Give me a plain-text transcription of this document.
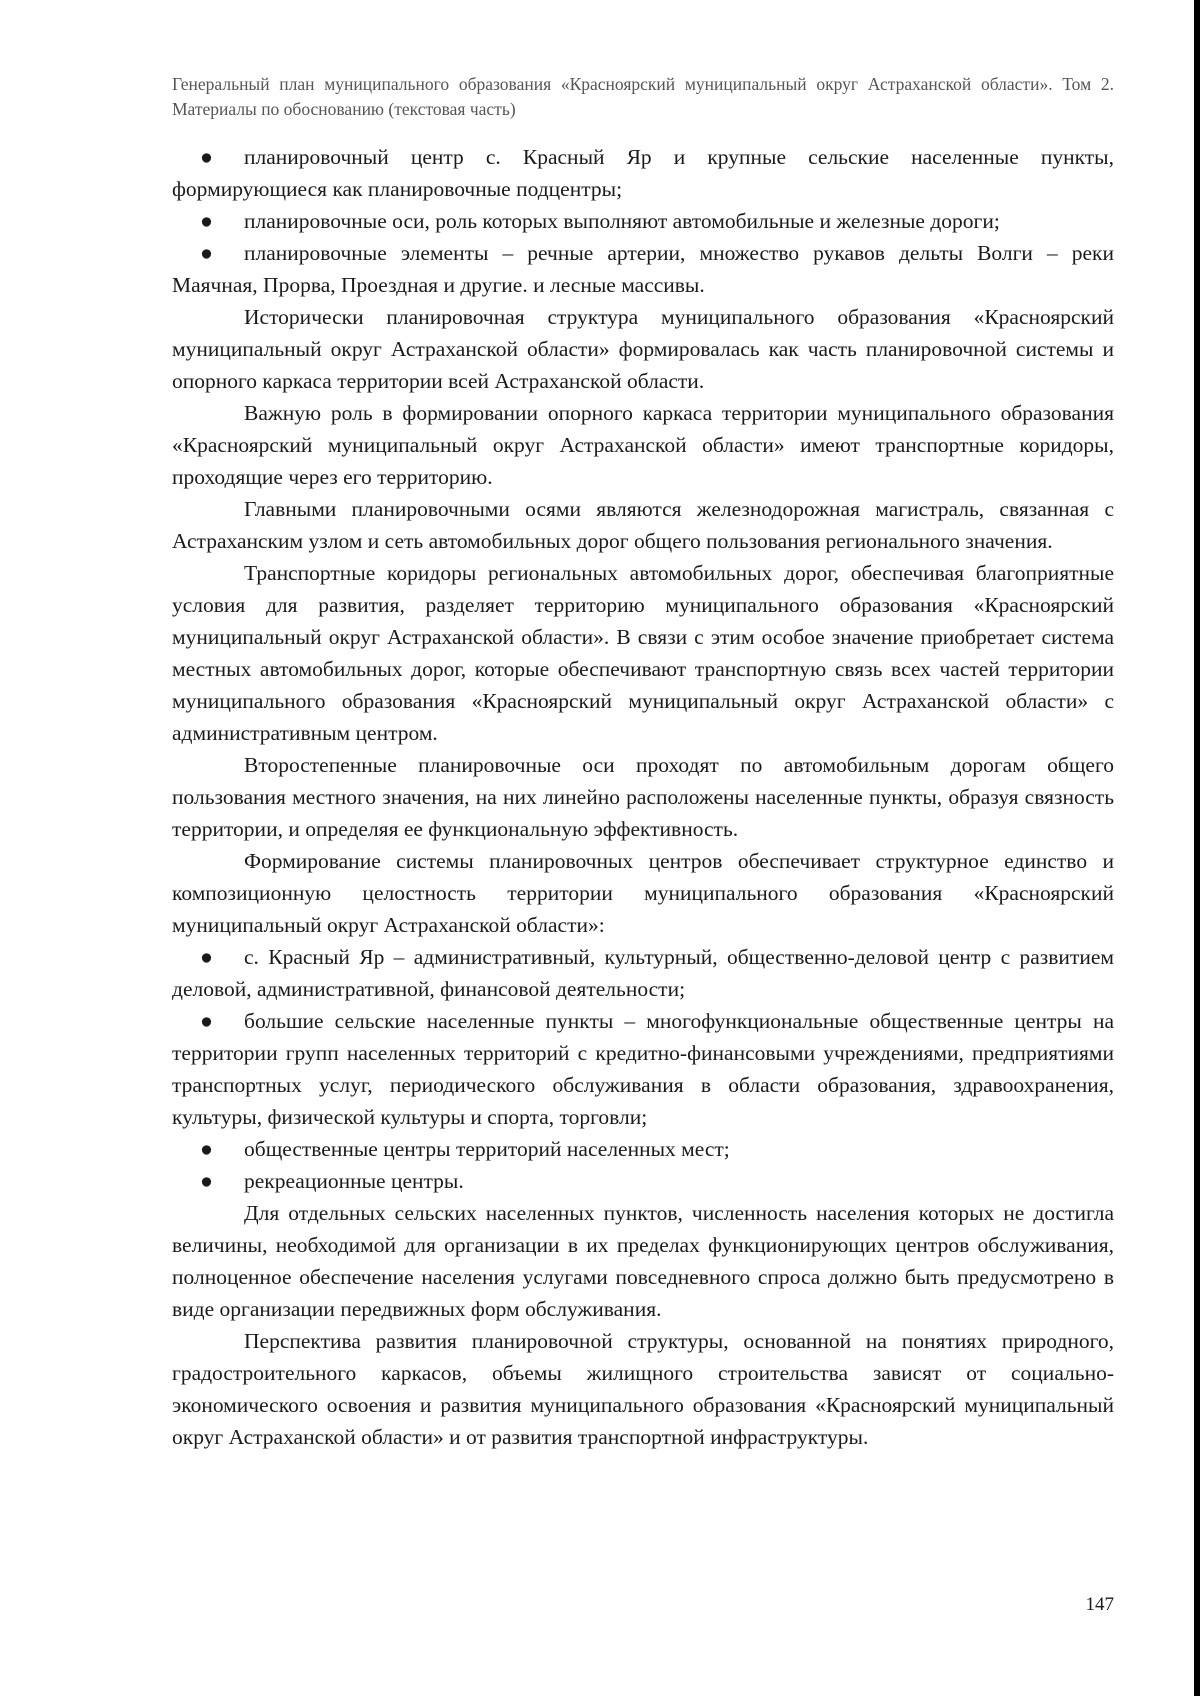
Генеральный план муниципального образования «Красноярский муниципальный округ Астраханской области». Том 2. Материалы по обоснованию (текстовая часть)

● планировочный центр с. Красный Яр и крупные сельские населенные пункты, формирующиеся как планировочные подцентры;

● планировочные оси, роль которых выполняют автомобильные и железные дороги;

● планировочные элементы – речные артерии, множество рукавов дельты Волги – реки Маячная, Прорва, Проездная и другие. и лесные массивы.

Исторически планировочная структура муниципального образования «Красноярский муниципальный округ Астраханской области» формировалась как часть планировочной системы и опорного каркаса территории всей Астраханской области.

Важную роль в формировании опорного каркаса территории муниципального образования «Красноярский муниципальный округ Астраханской области» имеют транспортные коридоры, проходящие через его территорию.

Главными планировочными осями являются железнодорожная магистраль, связанная с Астраханским узлом и сеть автомобильных дорог общего пользования регионального значения.

Транспортные коридоры региональных автомобильных дорог, обеспечивая благоприятные условия для развития, разделяет территорию муниципального образования «Красноярский муниципальный округ Астраханской области». В связи с этим особое значение приобретает система местных автомобильных дорог, которые обеспечивают транспортную связь всех частей территории муниципального образования «Красноярский муниципальный округ Астраханской области» с административным центром.

Второстепенные планировочные оси проходят по автомобильным дорогам общего пользования местного значения, на них линейно расположены населенные пункты, образуя связность территории, и определяя ее функциональную эффективность.

Формирование системы планировочных центров обеспечивает структурное единство и композиционную целостность территории муниципального образования «Красноярский муниципальный округ Астраханской области»:

● с. Красный Яр – административный, культурный, общественно-деловой центр с развитием деловой, административной, финансовой деятельности;

● большие сельские населенные пункты – многофункциональные общественные центры на территории групп населенных территорий с кредитно-финансовыми учреждениями, предприятиями транспортных услуг, периодического обслуживания в области образования, здравоохранения, культуры, физической культуры и спорта, торговли;

● общественные центры территорий населенных мест;

● рекреационные центры.

Для отдельных сельских населенных пунктов, численность населения которых не достигла величины, необходимой для организации в их пределах функционирующих центров обслуживания, полноценное обеспечение населения услугами повседневного спроса должно быть предусмотрено в виде организации передвижных форм обслуживания.

Перспектива развития планировочной структуры, основанной на понятиях природного, градостроительного каркасов, объемы жилищного строительства зависят от социально-экономического освоения и развития муниципального образования «Красноярский муниципальный округ Астраханской области» и от развития транспортной инфраструктуры.

147
